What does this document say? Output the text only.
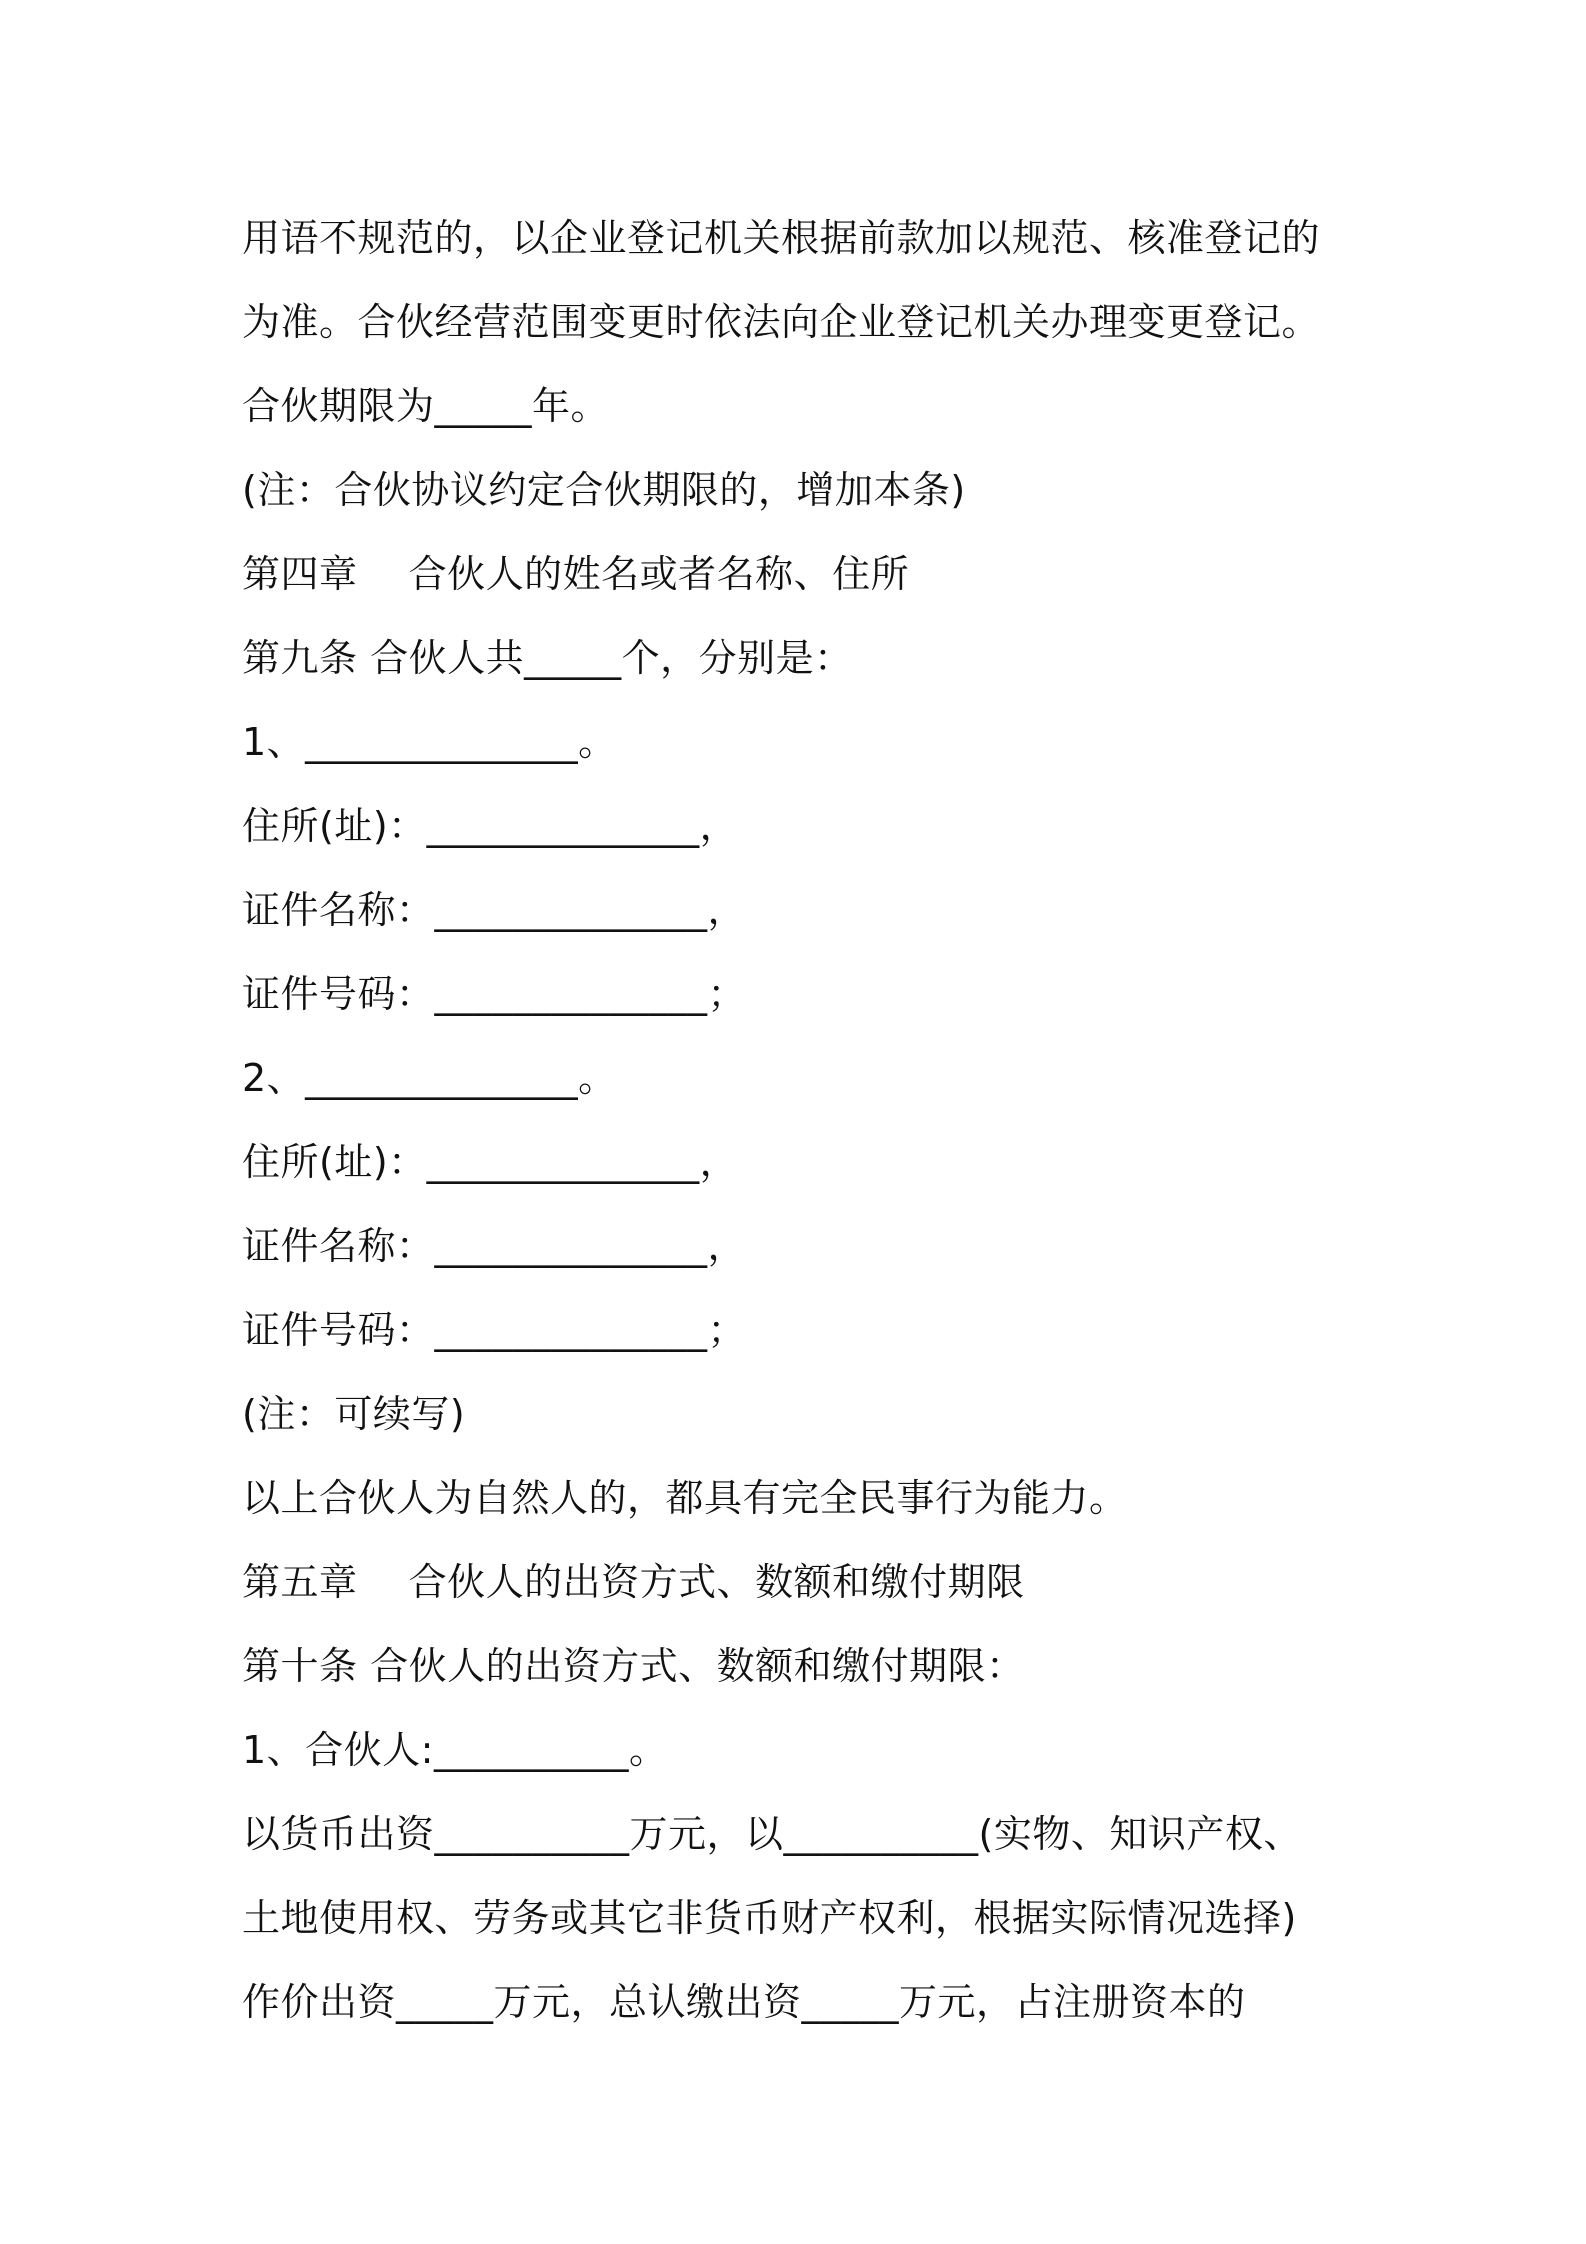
用语不规范的，以企业登记机关根据前款加以规范、核准登记的
为准。合伙经营范围变更时依法向企业登记机关办理变更登记。
合伙期限为_____年。
(注：合伙协议约定合伙期限的，增加本条)
第四章　 合伙人的姓名或者名称、住所
第九条 合伙人共_____个，分别是：
1、______________。
住所(址)：______________，
证件名称：______________，
证件号码：______________；
2、______________。
住所(址)：______________，
证件名称：______________，
证件号码：______________；
(注：可续写)
以上合伙人为自然人的，都具有完全民事行为能力。
第五章　 合伙人的出资方式、数额和缴付期限
第十条 合伙人的出资方式、数额和缴付期限：
1、合伙人:__________。
以货币出资__________万元，以__________(实物、知识产权、
土地使用权、劳务或其它非货币财产权利，根据实际情况选择)
作价出资_____万元，总认缴出资_____万元，占注册资本的
